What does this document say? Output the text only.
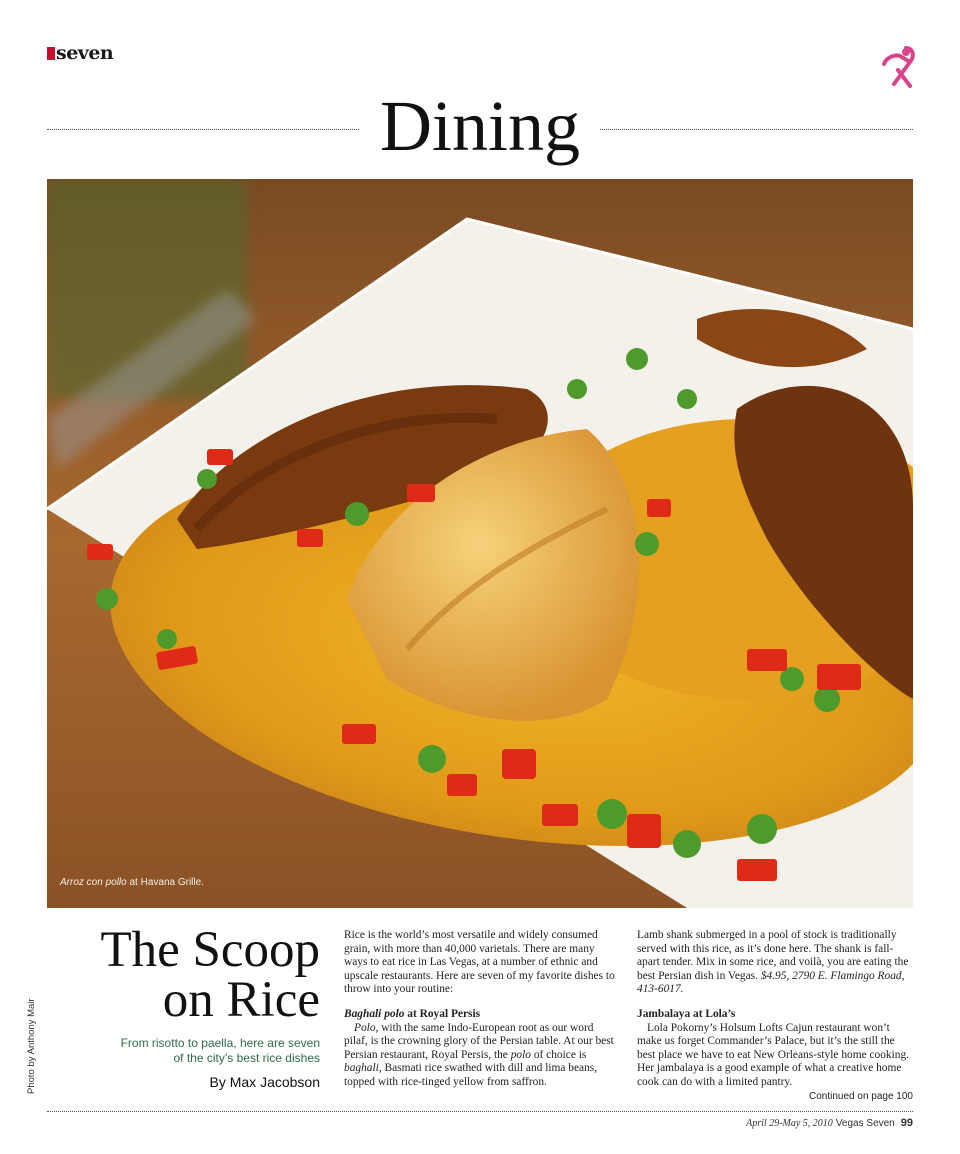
seven
Dining
Arroz con pollo at Havana Grille.
Photo by Anthony Mair
The Scoop
on Rice
From risotto to paella, here are seven
of the city’s best rice dishes
By Max Jacobson

Rice is the world’s most versatile and widely consumed grain, with more than 40,000 varietals. There are many ways to eat rice in Las Vegas, at a number of ethnic and upscale restaurants. Here are seven of my favorite dishes to throw into your routine:

Baghali polo at Royal Persis

Polo, with the same Indo-European root as our word pilaf, is the crowning glory of the Persian table. At our best Persian restaurant, Royal Persis, the polo of choice is baghali, Basmati rice swathed with dill and lima beans, topped with rice-tinged yellow from saffron.

Lamb shank submerged in a pool of stock is traditionally served with this rice, as it’s done here. The shank is fall-apart tender. Mix in some rice, and voilà, you are eating the best Persian dish in Vegas. $4.95, 2790 E. Flamingo Road, 413-6017.

Jambalaya at Lola’s

Lola Pokorny’s Holsum Lofts Cajun restaurant won’t make us forget Commander’s Palace, but it’s the still the best place we have to eat New Orleans-style home cooking. Her jambalaya is a good example of what a creative home cook can do with a limited pantry.

Continued on page 100

April 29-May 5, 2010 Vegas Seven 99
